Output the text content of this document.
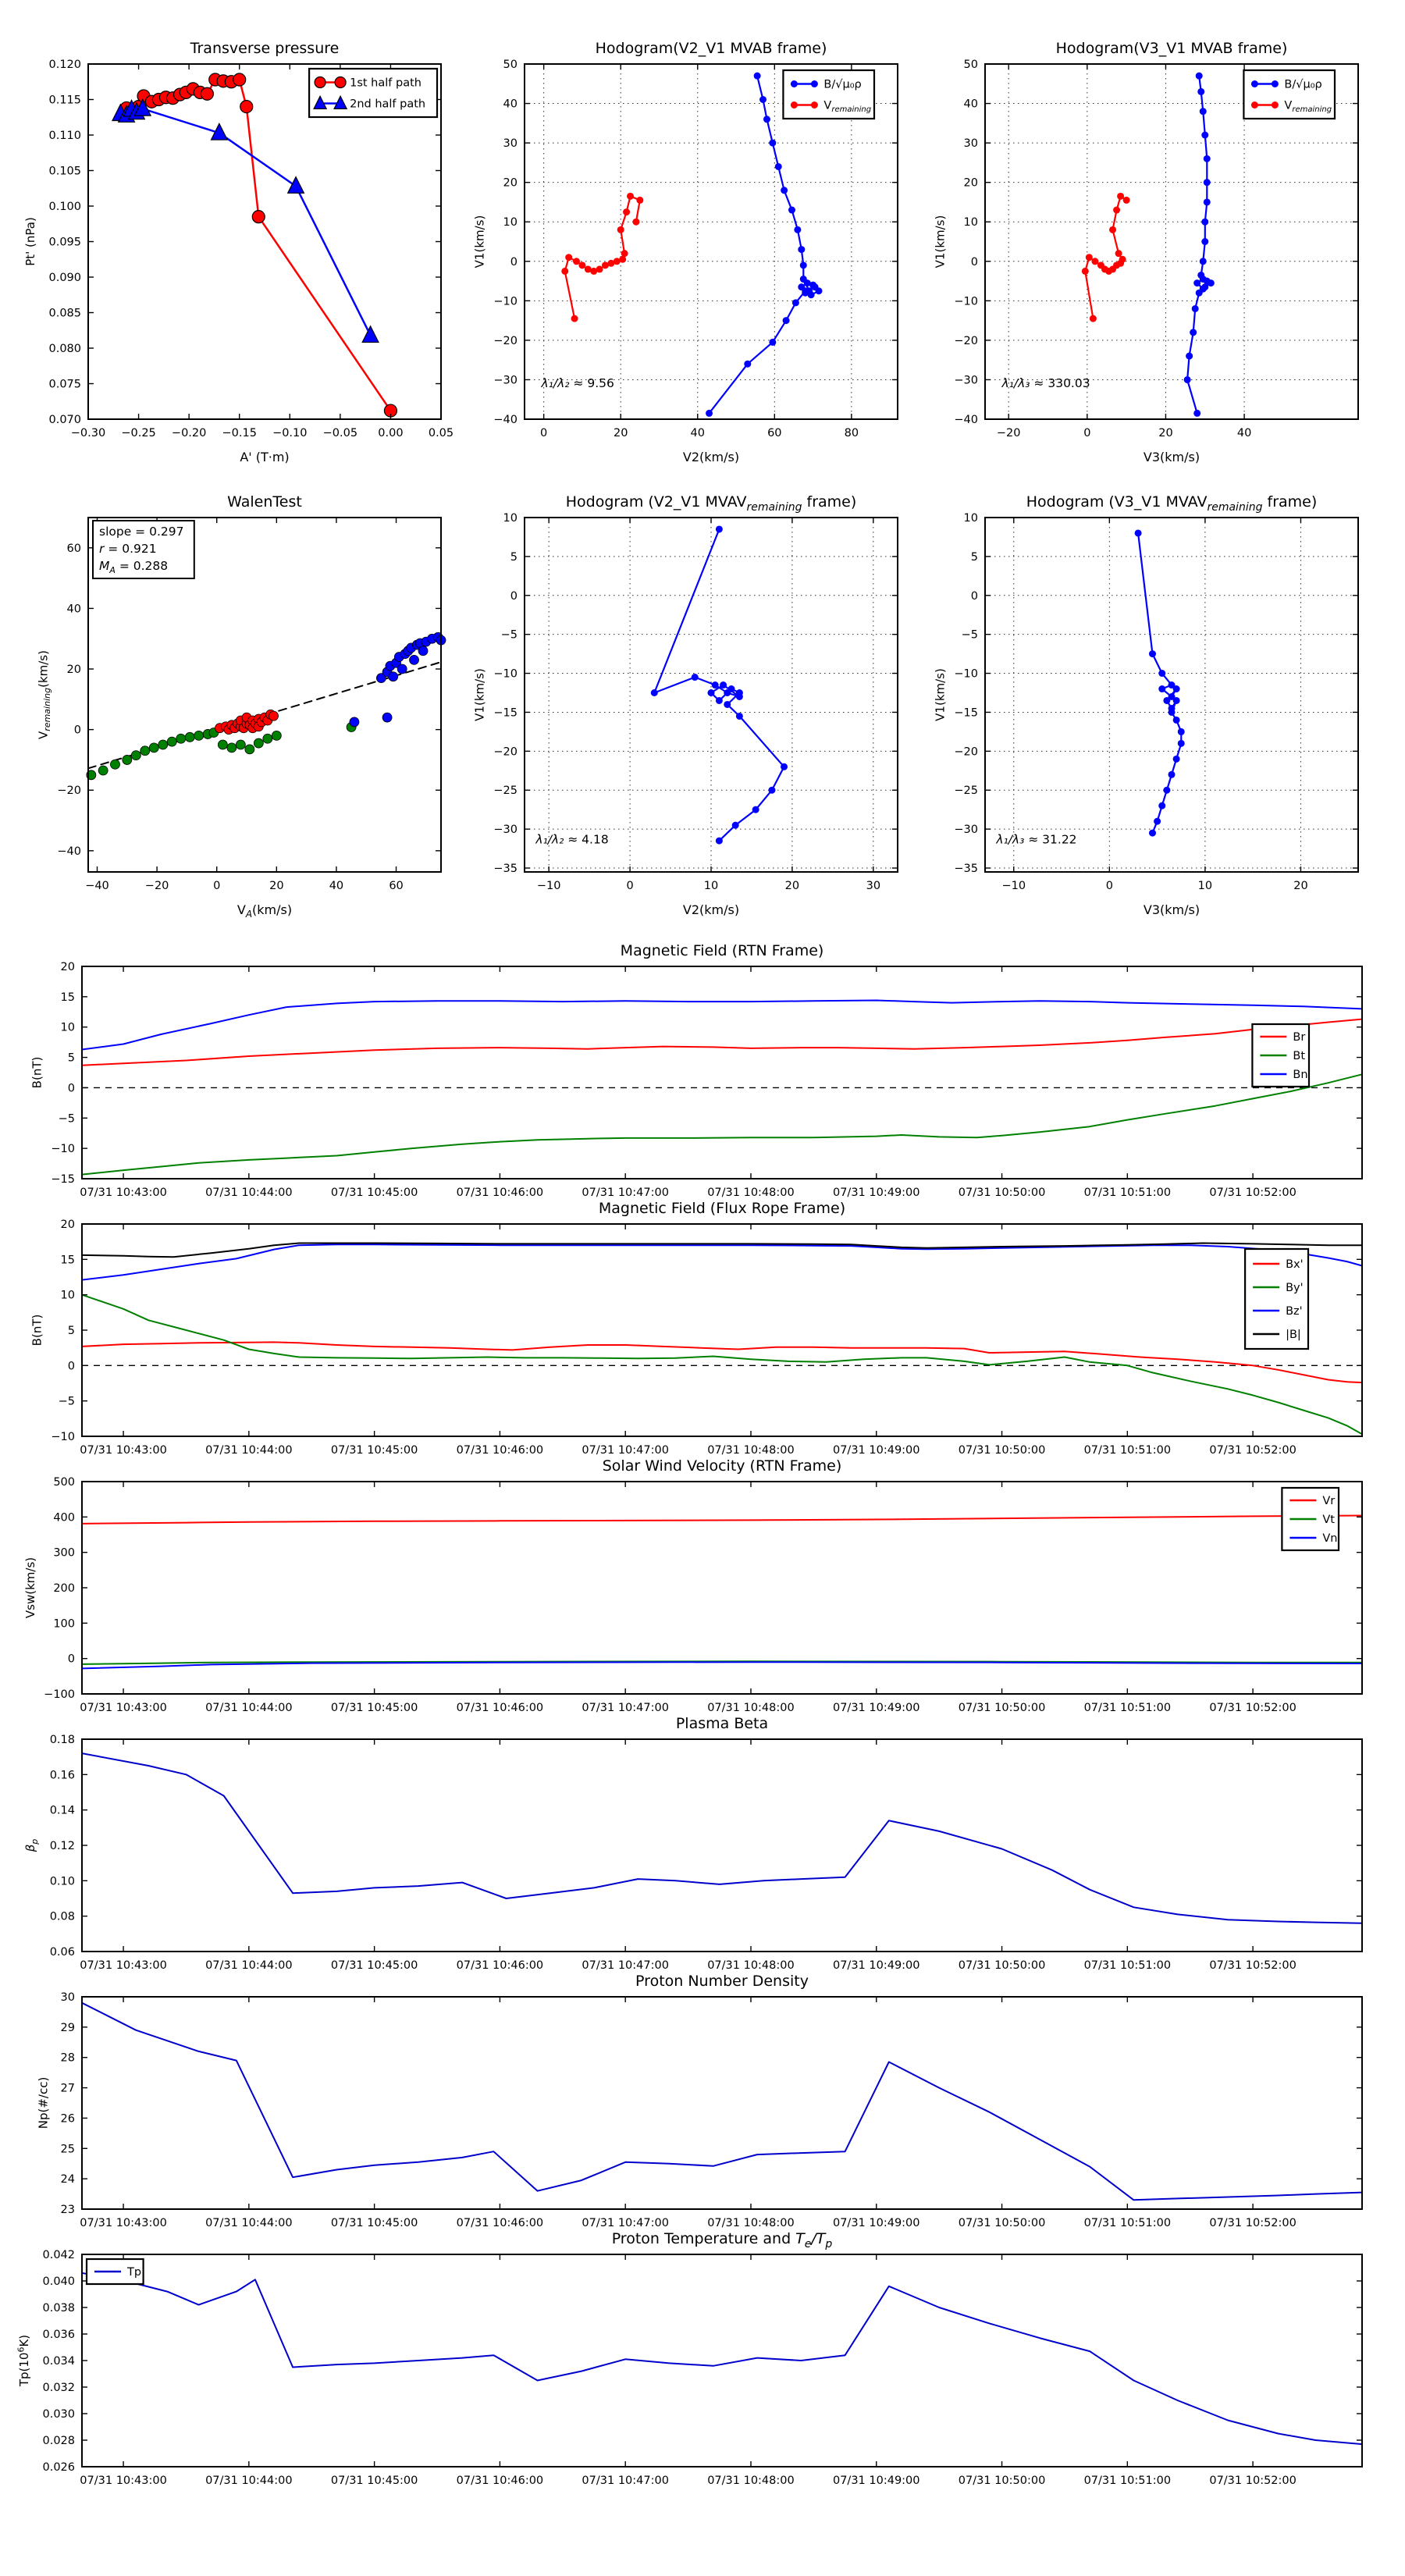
−0.30 −0.25 −0.20 −0.15 −0.10 −0.05 0.00 0.05
0.070
0.075
0.080
0.085
0.090
0.095
0.100
0.105
0.110
0.115
0.120
Transverse pressure
A' (T·m)
Pt' (nPa)
1st half path
2nd half path
0	20	40	60	80
−40
−30
−20
−10
0
10
20
30
40
50
Hodogram(V2_V1 MVAB frame)
V2(km/s)
V1(km/s)
λ₁/λ₂ ≈ 9.56
B/√μ₀ρ
$V_{remaining}$
−20	0	20	40
−40
−30
−20
−10
0
10
20
30
40
50
Hodogram(V3_V1 MVAB frame)
V3(km/s)
V1(km/s)
λ₁/λ₃ ≈ 330.03
B/√μ₀ρ
$V_{remaining}$
−40	−20	0	20	40	60
−40
−20
0
20
40
60
WalenTest
$V_A(km/s)$
$V_{remaining}(km/s)$
slope = 0.297
r = 0.921
$M_A = 0.288$
−10	0	10	20	30
10
5
0
−5
−10
−15
−20
−25
−30
−35
Hodogram (V2_V1 $MVAV_{remaining}$ frame)
V2(km/s)
V1(km/s)
λ₁/λ₂ ≈ 4.18
−10	0	10	20
10
5
0
−5
−10
−15
−20
−25
−30
−35
Hodogram (V3_V1 $MVAV_{remaining}$ frame)
V3(km/s)
V1(km/s)
λ₁/λ₃ ≈ 31.22
07/31 10:43:00	07/31 10:44:00	07/31 10:45:00	07/31 10:46:00	07/31 10:47:00	07/31 10:48:00	07/31 10:49:00	07/31 10:50:00	07/31 10:51:00	07/31 10:52:00
−15
−10
−5
0
5
10
15
20
Magnetic Field (RTN Frame)
B(nT)
Br
Bt
Bn
07/31 10:43:00	07/31 10:44:00	07/31 10:45:00	07/31 10:46:00	07/31 10:47:00	07/31 10:48:00	07/31 10:49:00	07/31 10:50:00	07/31 10:51:00	07/31 10:52:00
−10
−5
0
5
10
15
20
Magnetic Field (Flux Rope Frame)
B(nT)
Bx'
By'
Bz'
|B|
07/31 10:43:00	07/31 10:44:00	07/31 10:45:00	07/31 10:46:00	07/31 10:47:00	07/31 10:48:00	07/31 10:49:00	07/31 10:50:00	07/31 10:51:00	07/31 10:52:00
−100
0
100
200
300
400
500
Solar Wind Velocity (RTN Frame)
Vsw(km/s)
Vr
Vt
Vn
07/31 10:43:00	07/31 10:44:00	07/31 10:45:00	07/31 10:46:00	07/31 10:47:00	07/31 10:48:00	07/31 10:49:00	07/31 10:50:00	07/31 10:51:00	07/31 10:52:00
0.06
0.08
0.10
0.12
0.14
0.16
0.18
Plasma Beta
$\beta_p$
07/31 10:43:00	07/31 10:44:00	07/31 10:45:00	07/31 10:46:00	07/31 10:47:00	07/31 10:48:00	07/31 10:49:00	07/31 10:50:00	07/31 10:51:00	07/31 10:52:00
23
24
25
26
27
28
29
30
Proton Number Density
Np(#/cc)
07/31 10:43:00	07/31 10:44:00	07/31 10:45:00	07/31 10:46:00	07/31 10:47:00	07/31 10:48:00	07/31 10:49:00	07/31 10:50:00	07/31 10:51:00	07/31 10:52:00
0.026
0.028
0.030
0.032
0.034
0.036
0.038
0.040
0.042
Proton Temperature and $T_e/T_p$
$Tp(10^6K)$
Tp
